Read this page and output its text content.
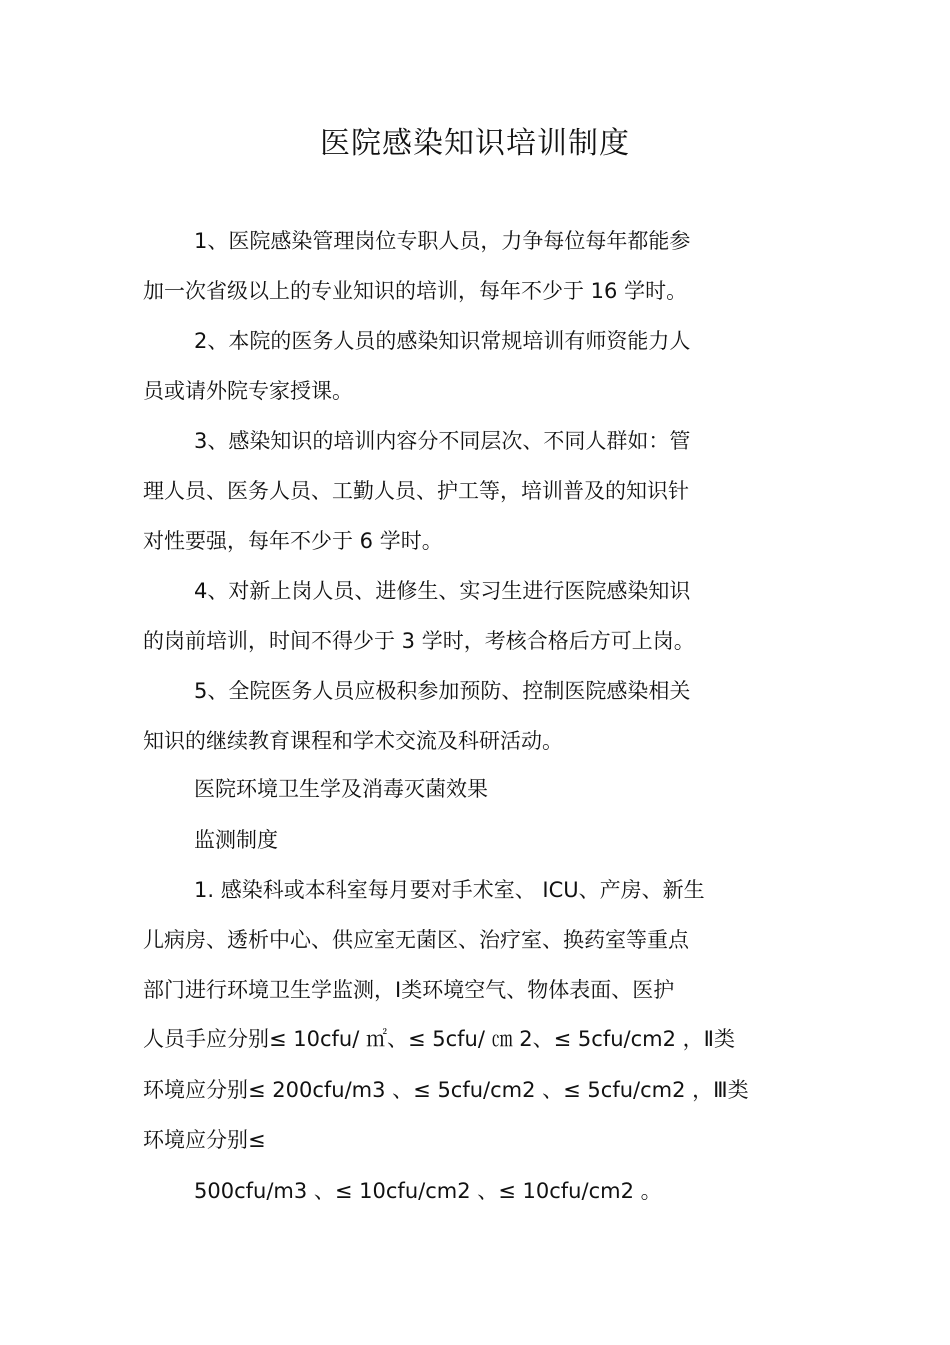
医院感染知识培训制度
1、医院感染管理岗位专职人员，力争每位每年都能参
加一次省级以上的专业知识的培训，每年不少于 16 学时。
2、本院的医务人员的感染知识常规培训有师资能力人
员或请外院专家授课。
3、感染知识的培训内容分不同层次、不同人群如：管
理人员、医务人员、工勤人员、护工等，培训普及的知识针
对性要强，每年不少于 6 学时。
4、对新上岗人员、进修生、实习生进行医院感染知识
的岗前培训，时间不得少于 3 学时，考核合格后方可上岗。
5、全院医务人员应极积参加预防、控制医院感染相关
知识的继续教育课程和学术交流及科研活动。
医院环境卫生学及消毒灭菌效果
监测制度
1. 感染科或本科室每月要对手术室、 ICU、产房、新生
儿病房、透析中心、供应室无菌区、治疗室、换药室等重点
部门进行环境卫生学监测，Ⅰ类环境空气、物体表面、医护
人员手应分别≤ 10cfu/ ㎡、≤ 5cfu/ ㎝ 2、≤ 5cfu/cm2 ，Ⅱ类
环境应分别≤ 200cfu/m3 、≤ 5cfu/cm2 、≤ 5cfu/cm2 ，Ⅲ类
环境应分别≤
500cfu/m3 、≤ 10cfu/cm2 、≤ 10cfu/cm2 。
